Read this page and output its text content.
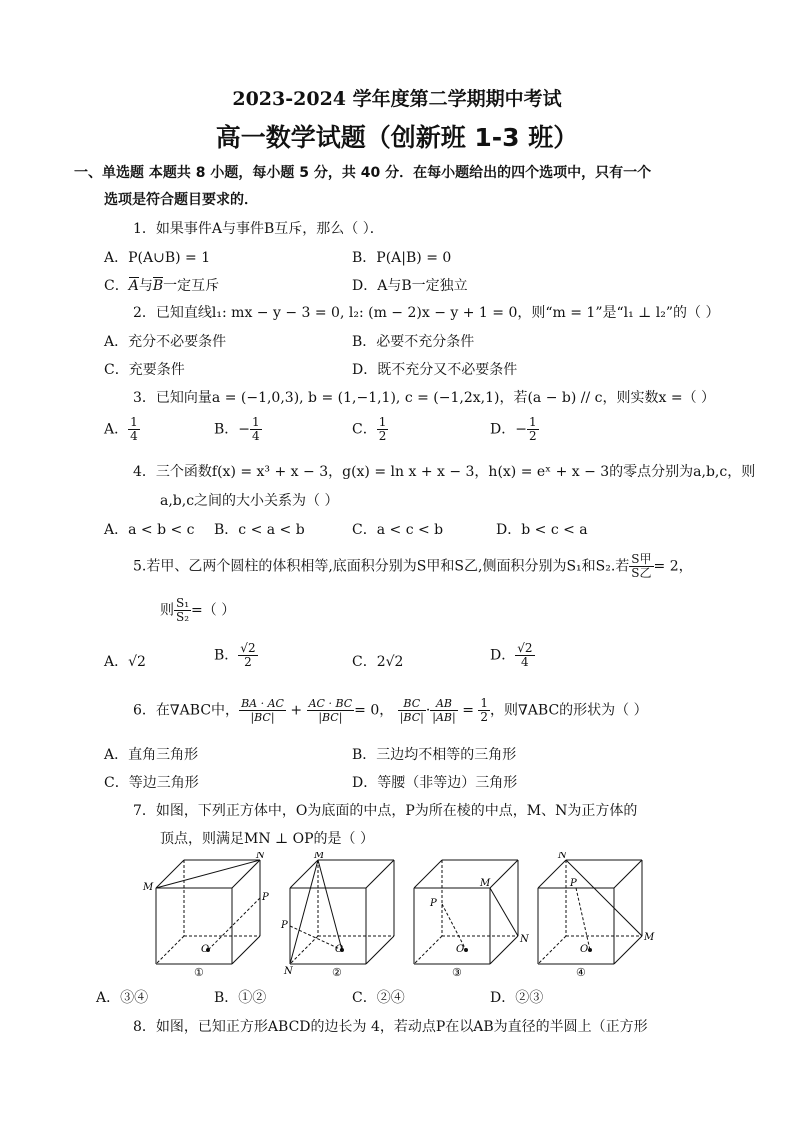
2023-2024 学年度第二学期期中考试
高一数学试题（创新班 1-3 班）
一、单选题 本题共 8 小题，每小题 5 分，共 40 分．在每小题给出的四个选项中，只有一个
选项是符合题目要求的．
1．如果事件A与事件B互斥，那么（ ）．
A．P(A∪B) = 1	B．P(A|B) = 0
C．A与B一定互斥	D．A与B一定独立
2．已知直线l₁: mx − y − 3 = 0, l₂: (m − 2)x − y + 1 = 0，则“m = 1”是“l₁ ⊥ l₂”的（ ）
A．充分不必要条件	B．必要不充分条件
C．充要条件	D．既不充分又不必要条件
3．已知向量a = (−1,0,3), b = (1,−1,1), c = (−1,2x,1)，若(a − b) // c，则实数x =（ ）
A． $\frac{1}{4}$	B．− $\frac{1}{4}$	C． $\frac{1}{2}$	D．− $\frac{1}{2}$
4．三个函数f(x) = x³ + x − 3，g(x) = ln x + x − 3，h(x) = eˣ + x − 3的零点分别为a,b,c，则
a,b,c之间的大小关系为（ ）
A．a < b < c B．c < a < b	C．a < c < b	D．b < c < a
5.若甲、乙两个圆柱的体积相等,底面积分别为S甲和S乙,侧面积分别为S₁和S₂.若 $\frac{\text{S甲}}{\text{S乙}} = 2$，
则 $\frac{\text{S₁}}{\text{S₂}}$ =（ ）
A．√2	B． $\frac{√2}{2}$	C．2√2	D． $\frac{√2}{4}$
6．在∇ABC中， $\frac{BA \cdot AC}{|BC|} + \frac{AC \cdot BC}{|BC|} = 0$， $\frac{BC}{|BC|} \cdot \frac{AB}{|AB|} = \frac{1}{2}$ ，则∇ABC的形状为（ ）
A．直角三角形	B．三边均不相等的三角形
C．等边三角形	D．等腰（非等边）三角形
7．如图，下列正方体中，O为底面的中点，P为所在棱的中点，M、N为正方体的
顶点，则满足MN ⊥ OP的是（ ）
M
N
P
O
①
M
N
P
O
②
M
N
P
O
③
N
M
P
O
④
A．③④	B．①②	C．②④	D．②③
8．如图，已知正方形ABCD的边长为 4，若动点P在以AB为直径的半圆上（正方形
